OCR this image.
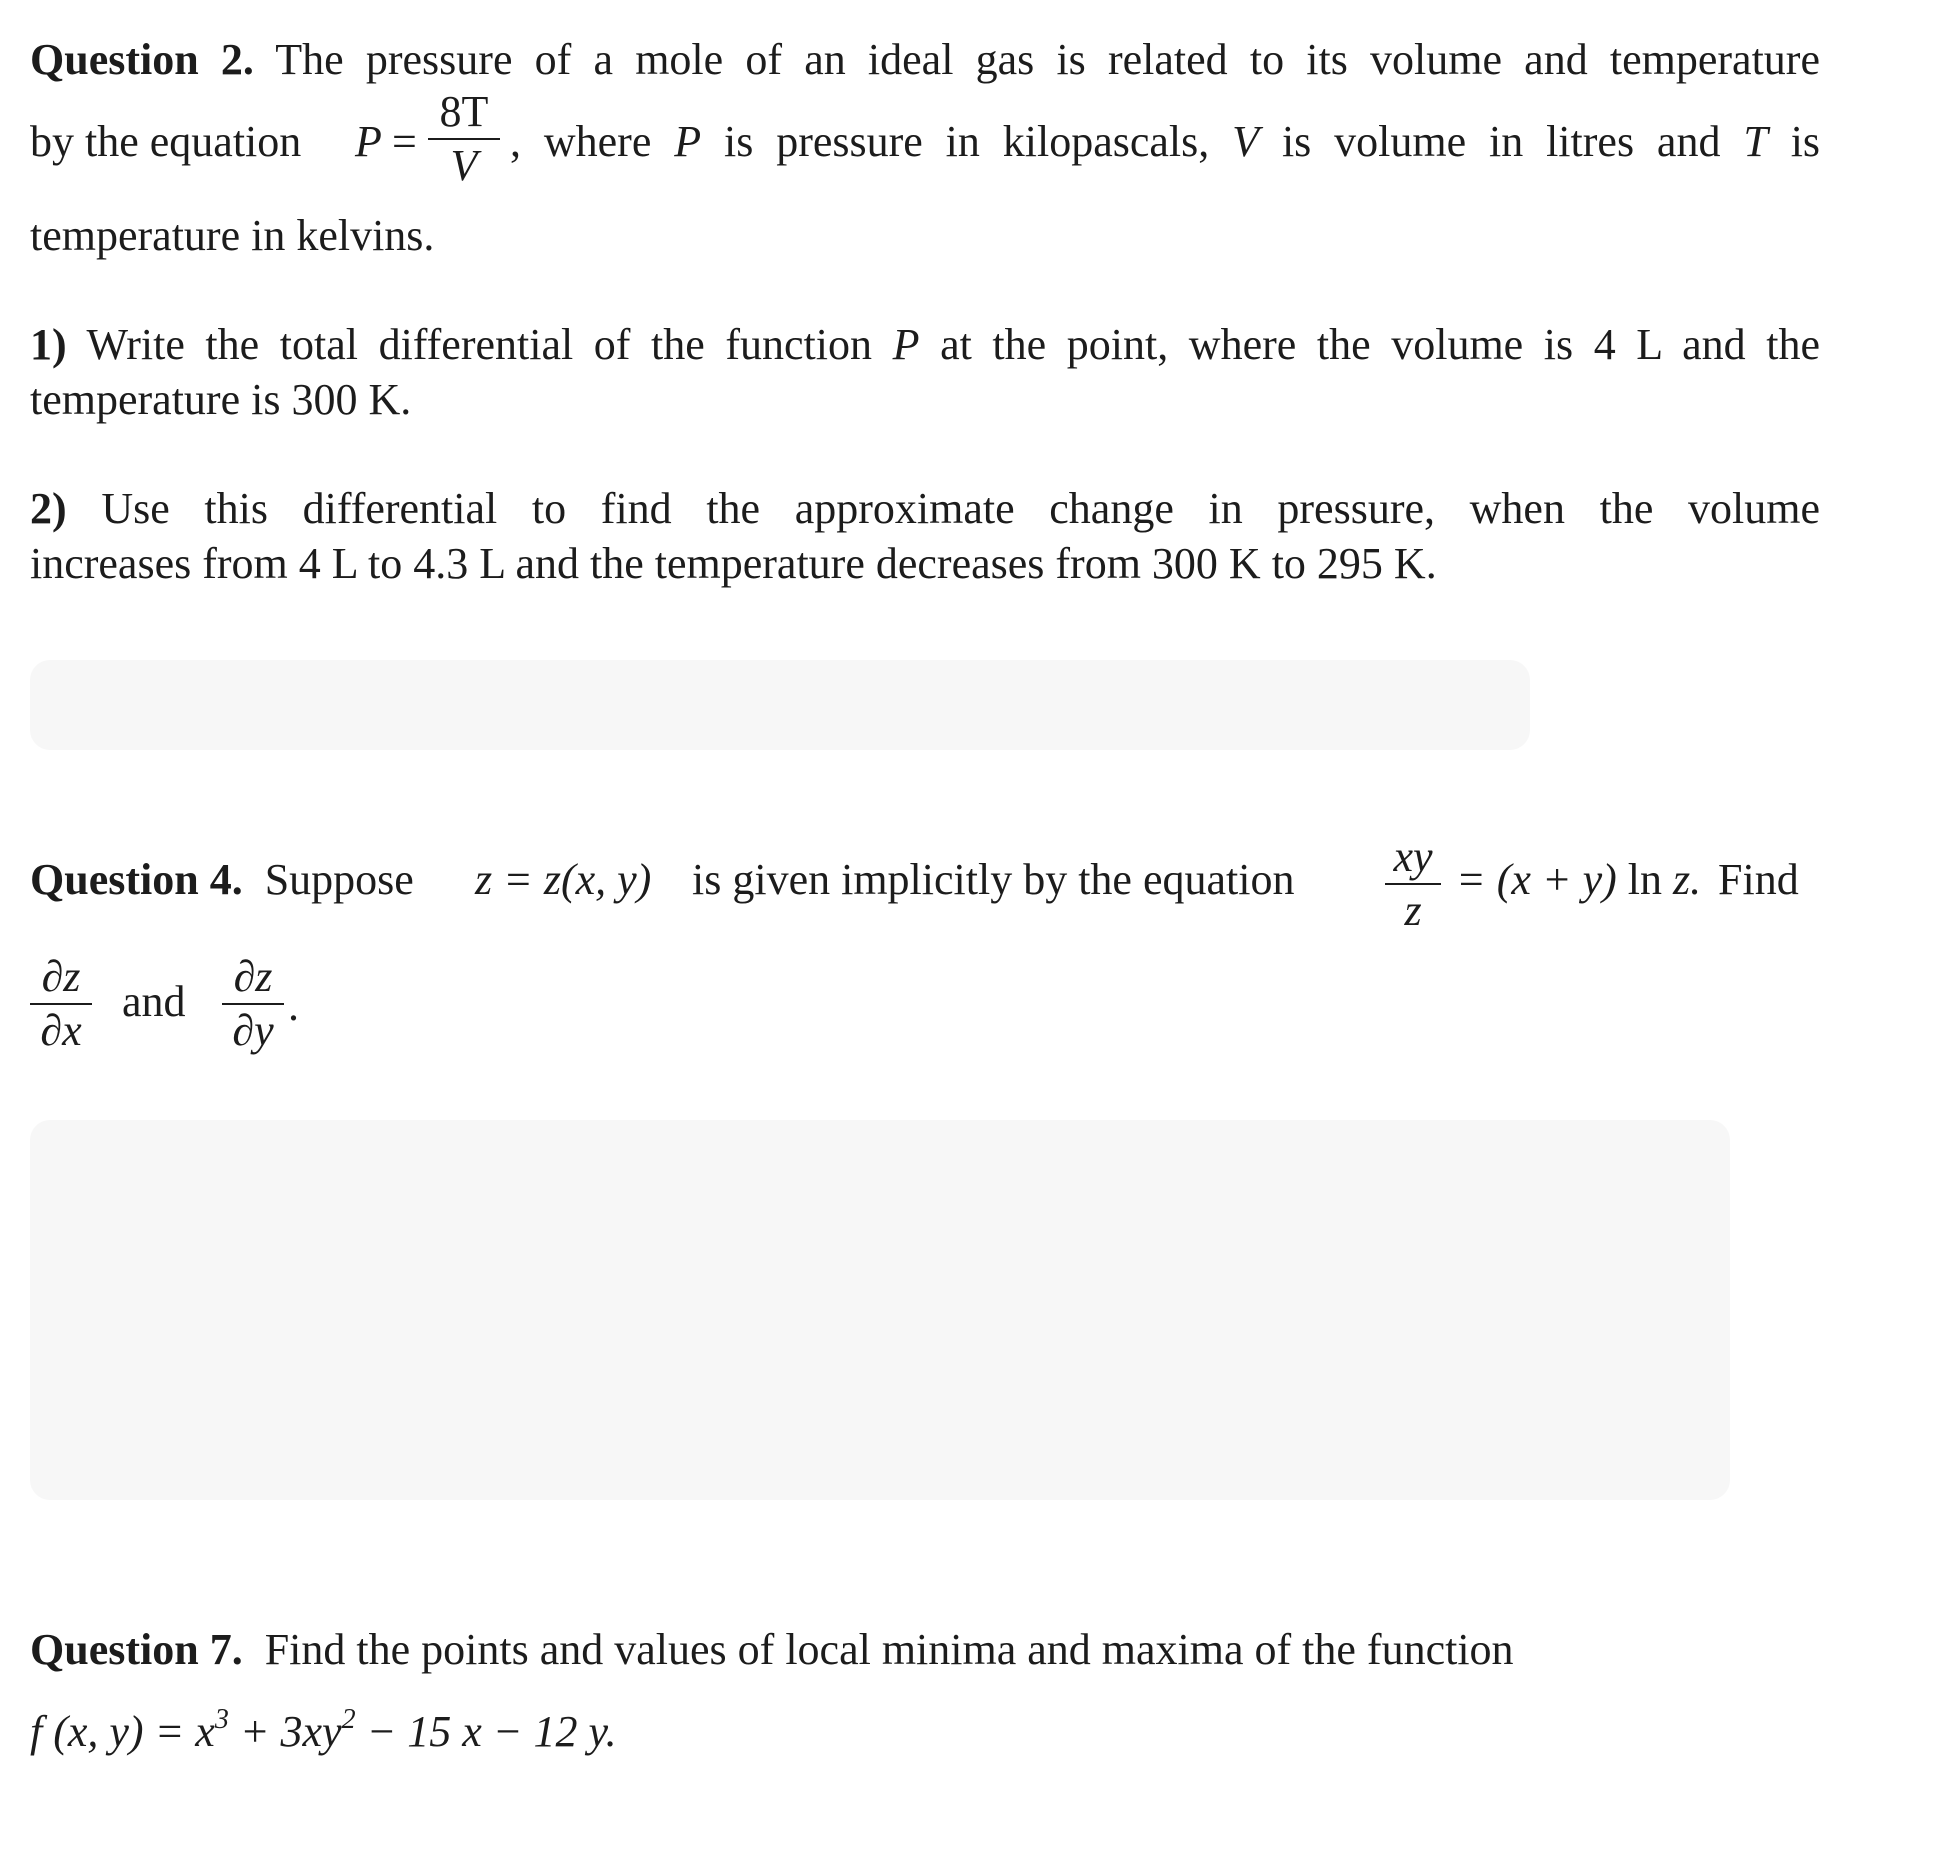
Question 2. The pressure of a mole of an ideal gas is related to its volume and temperature
by the equation P =
8T
V , where P is pressure in kilopascals, V is volume in litres and T is
temperature in kelvins.
1) Write the total differential of the function P at the point, where the volume is 4 L and the
temperature is 300 K.
2) Use this differential to find the approximate change in pressure, when the volume
increases from 4 L to 4.3 L and the temperature decreases from 300 K to 295 K.
Question 4. Suppose z = z(x, y) is given implicitly by the equation xy
z
= (x + y) ln z. Find
∂z
∂x
and
∂z
∂y
.
Question 7. Find the points and values of local minima and maxima of the function
f (x, $y) = x^3 + 3xy^2 - 15$ x − 12 y.
